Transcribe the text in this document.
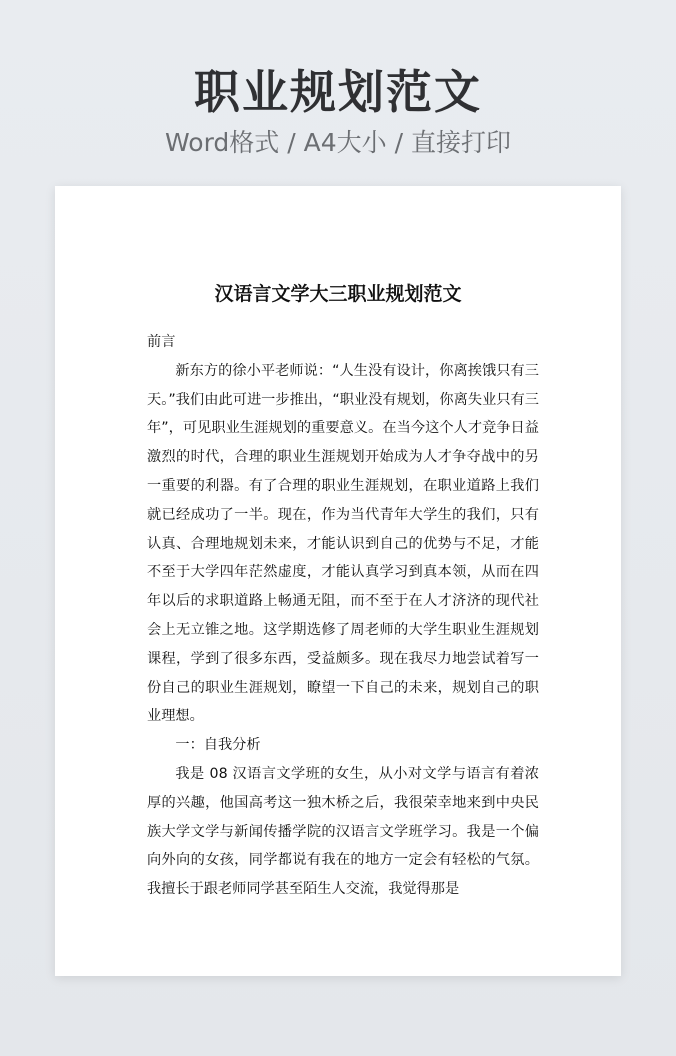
职业规划范文
Word格式 / A4大小 / 直接打印
汉语言文学大三职业规划范文

前言

新东方的徐小平老师说：“人生没有设计，你离挨饿只有三天。”我们由此可进一步推出，“职业没有规划，你离失业只有三年”，可见职业生涯规划的重要意义。在当今这个人才竞争日益激烈的时代，合理的职业生涯规划开始成为人才争夺战中的另一重要的利器。有了合理的职业生涯规划，在职业道路上我们就已经成功了一半。现在，作为当代青年大学生的我们，只有认真、合理地规划未来，才能认识到自己的优势与不足，才能不至于大学四年茫然虚度，才能认真学习到真本领，从而在四年以后的求职道路上畅通无阻，而不至于在人才济济的现代社会上无立锥之地。这学期选修了周老师的大学生职业生涯规划课程，学到了很多东西，受益颇多。现在我尽力地尝试着写一份自己的职业生涯规划，瞭望一下自己的未来，规划自己的职业理想。

一：自我分析

我是 08 汉语言文学班的女生，从小对文学与语言有着浓厚的兴趣，他国高考这一独木桥之后，我很荣幸地来到中央民族大学文学与新闻传播学院的汉语言文学班学习。我是一个偏向外向的女孩，同学都说有我在的地方一定会有轻松的气氛。我擅长于跟老师同学甚至陌生人交流，我觉得那是
